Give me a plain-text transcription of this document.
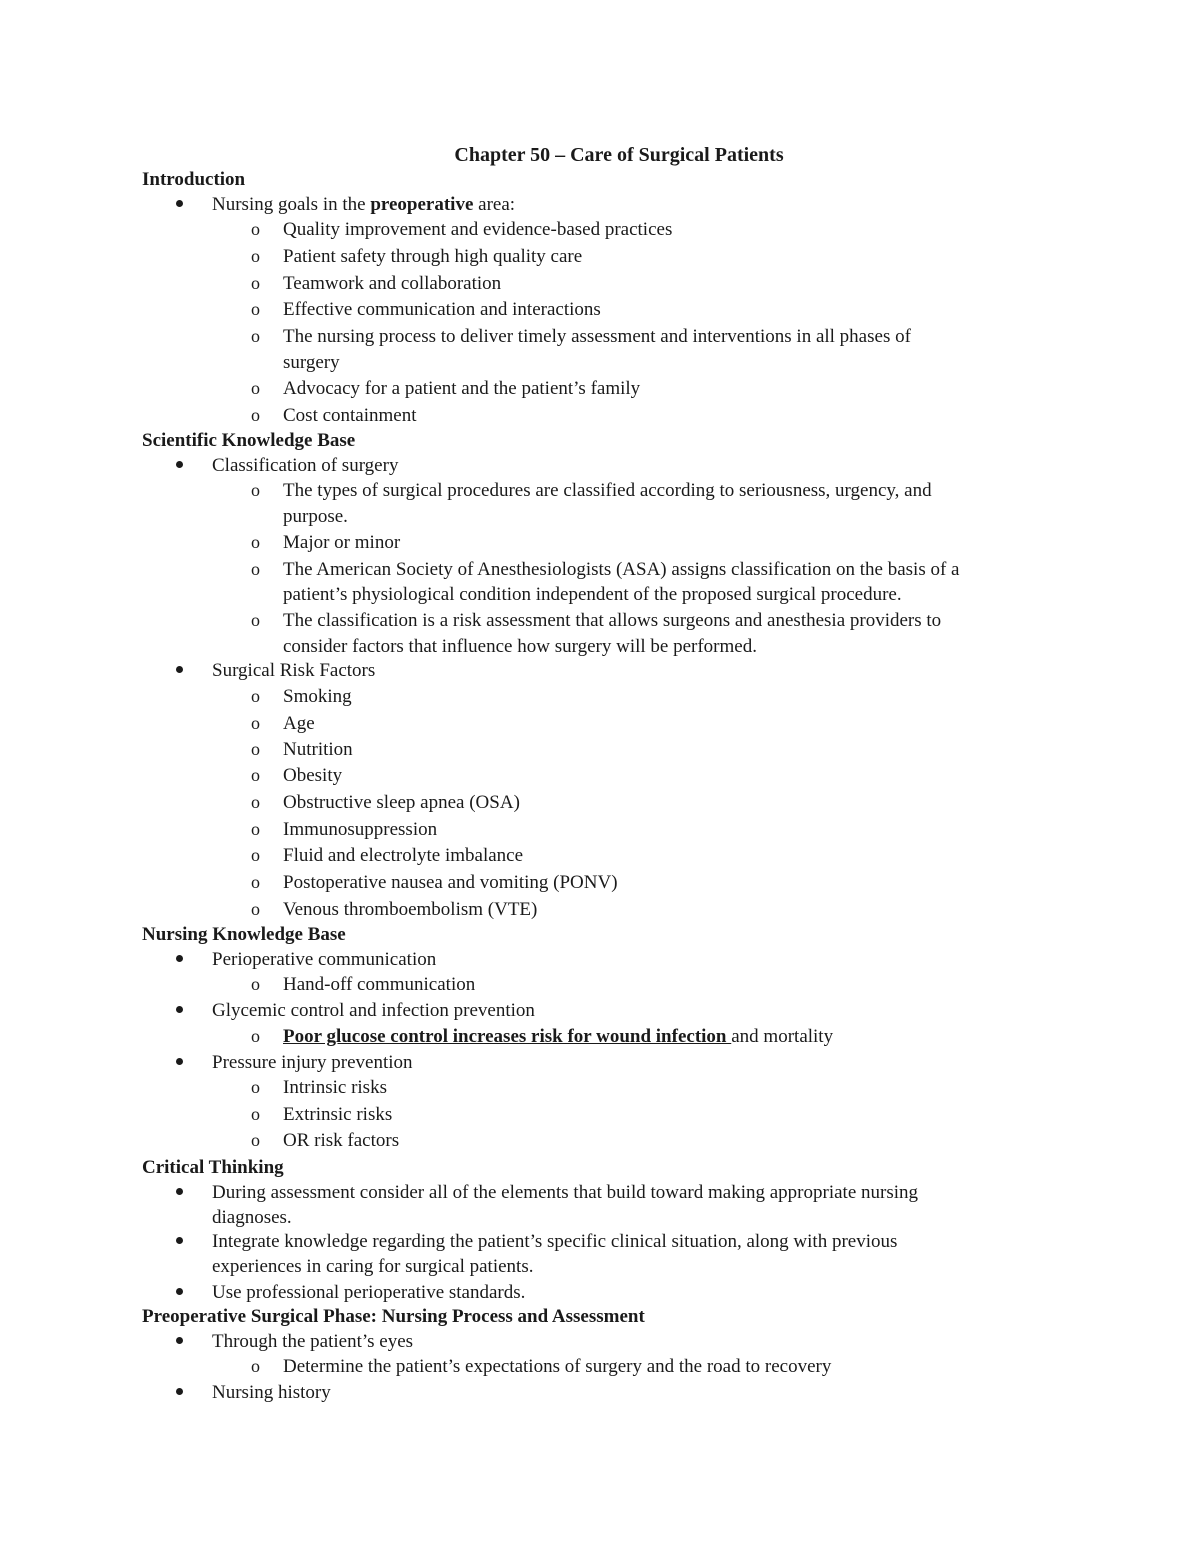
Chapter 50 – Care of Surgical Patients
Introduction
Nursing goals in the preoperative area:
o Quality improvement and evidence-based practices
o Patient safety through high quality care
o Teamwork and collaboration
o Effective communication and interactions
o The nursing process to deliver timely assessment and interventions in all phases of
surgery
o Advocacy for a patient and the patient’s family
o Cost containment
Scientific Knowledge Base
Classification of surgery
o The types of surgical procedures are classified according to seriousness, urgency, and
purpose.
o Major or minor
o The American Society of Anesthesiologists (ASA) assigns classification on the basis of a
patient’s physiological condition independent of the proposed surgical procedure.
o The classification is a risk assessment that allows surgeons and anesthesia providers to
consider factors that influence how surgery will be performed.
Surgical Risk Factors
o Smoking
o Age
o Nutrition
o Obesity
o Obstructive sleep apnea (OSA)
o Immunosuppression
o Fluid and electrolyte imbalance
o Postoperative nausea and vomiting (PONV)
o Venous thromboembolism (VTE)
Nursing Knowledge Base
Perioperative communication
o Hand-off communication
Glycemic control and infection prevention
o Poor glucose control increases risk for wound infection and mortality
Pressure injury prevention
o Intrinsic risks
o Extrinsic risks
o OR risk factors
Critical Thinking
During assessment consider all of the elements that build toward making appropriate nursing
diagnoses.
Integrate knowledge regarding the patient’s specific clinical situation, along with previous
experiences in caring for surgical patients.
Use professional perioperative standards.
Preoperative Surgical Phase: Nursing Process and Assessment
Through the patient’s eyes
o Determine the patient’s expectations of surgery and the road to recovery
Nursing history
